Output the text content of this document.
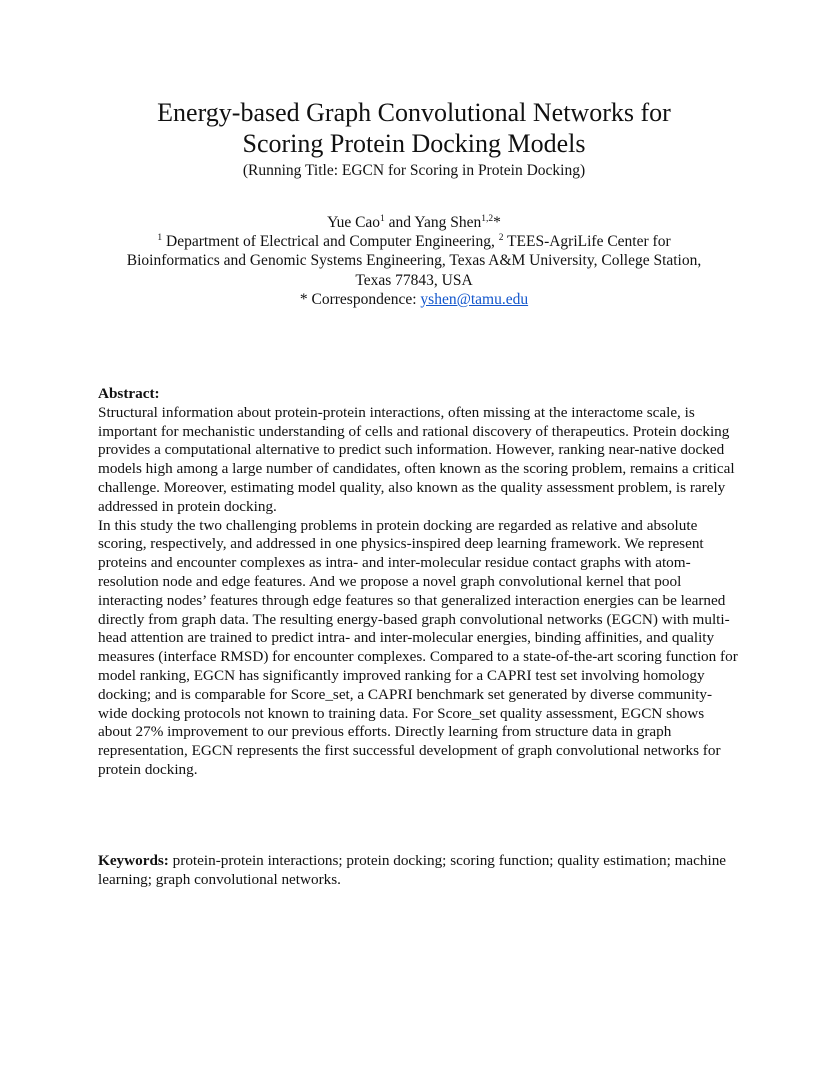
Energy-based Graph Convolutional Networks for
Scoring Protein Docking Models
(Running Title: EGCN for Scoring in Protein Docking)

Yue Cao$^1$ and Yang Shen$^{1,2}$*

$^1$ Department of Electrical and Computer Engineering, $^2$ TEES-AgriLife Center for

Bioinformatics and Genomic Systems Engineering, Texas A&M University, College Station,

Texas 77843, USA

* Correspondence: yshen@tamu.edu

Abstract:

Structural information about protein-protein interactions, often missing at the interactome scale, is important for mechanistic understanding of cells and rational discovery of therapeutics. Protein docking provides a computational alternative to predict such information. However, ranking near-native docked models high among a large number of candidates, often known as the scoring problem, remains a critical challenge. Moreover, estimating model quality, also known as the quality assessment problem, is rarely addressed in protein docking.

In this study the two challenging problems in protein docking are regarded as relative and absolute scoring, respectively, and addressed in one physics-inspired deep learning framework. We represent proteins and encounter complexes as intra- and inter-molecular residue contact graphs with atom-resolution node and edge features. And we propose a novel graph convolutional kernel that pool interacting nodes’ features through edge features so that generalized interaction energies can be learned directly from graph data. The resulting energy-based graph convolutional networks (EGCN) with multi-head attention are trained to predict intra- and inter-molecular energies, binding affinities, and quality measures (interface RMSD) for encounter complexes. Compared to a state-of-the-art scoring function for model ranking, EGCN has significantly improved ranking for a CAPRI test set involving homology docking; and is comparable for Score_set, a CAPRI benchmark set generated by diverse community-wide docking protocols not known to training data. For Score_set quality assessment, EGCN shows about 27% improvement to our previous efforts. Directly learning from structure data in graph representation, EGCN represents the first successful development of graph convolutional networks for protein docking.

Keywords: protein-protein interactions; protein docking; scoring function; quality estimation; machine learning; graph convolutional networks.
